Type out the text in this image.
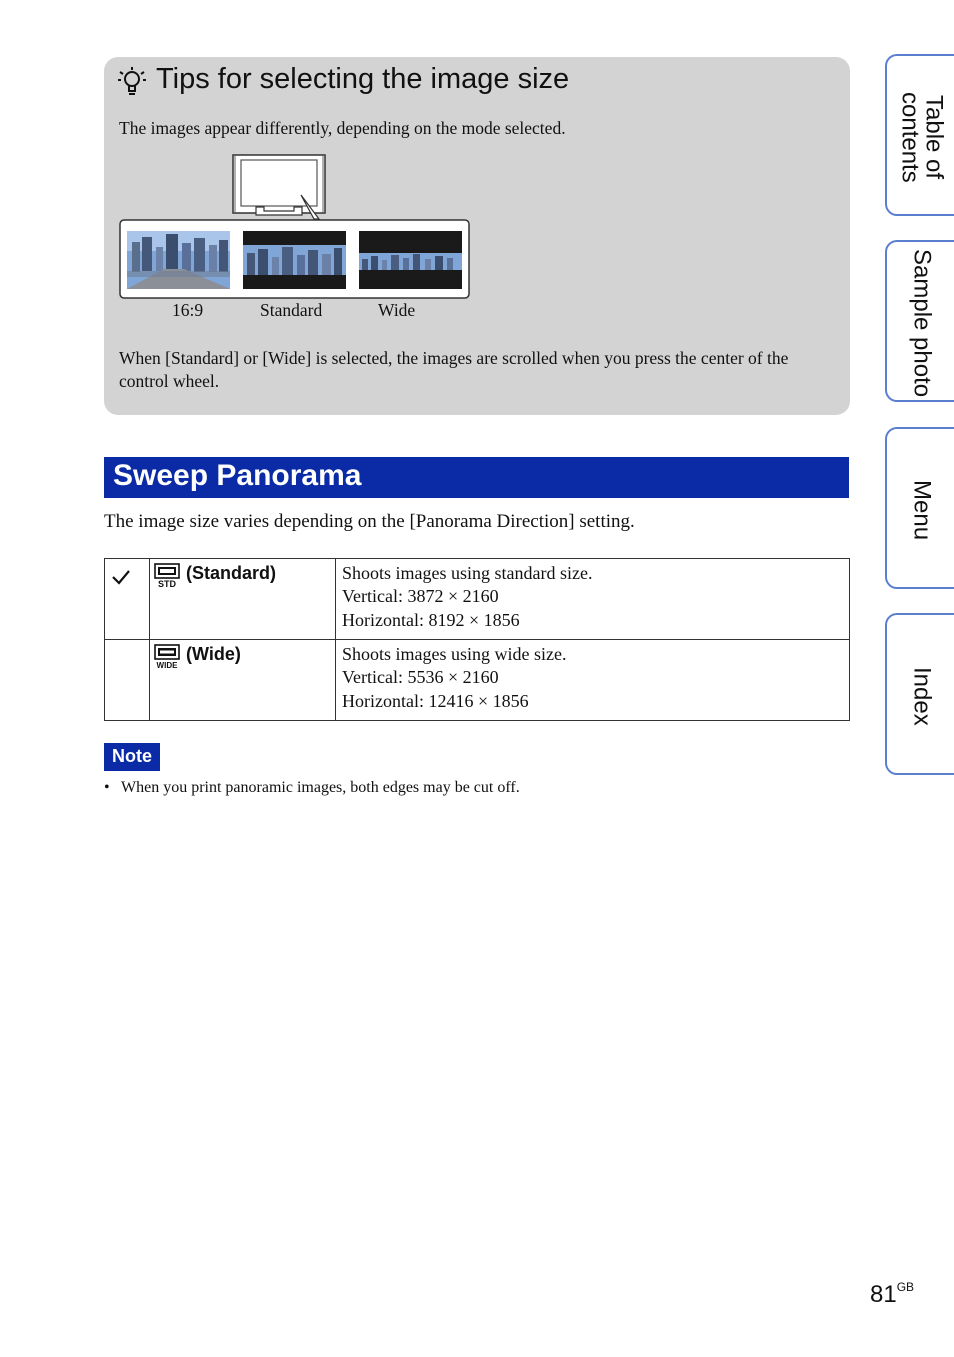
Tips for selecting the image size

The images appear differently, depending on the mode selected.

16:9	Standard	Wide

When [Standard] or [Wide] is selected, the images are scrolled when you press the center of the control wheel.

Sweep Panorama

The image size varies depending on the [Panorama Direction] setting.

STD
(Standard)	Shoots images using standard size.
Vertical: 3872 × 2160
Horizontal: 8192 × 1856

WIDE
(Wide)	Shoots images using wide size.
Vertical: 5536 × 2160
Horizontal: 12416 × 1856
Note

• When you print panoramic images, both edges may be cut off.

Table of contents
Sample photo
Menu
Index
$81^{GB}$
